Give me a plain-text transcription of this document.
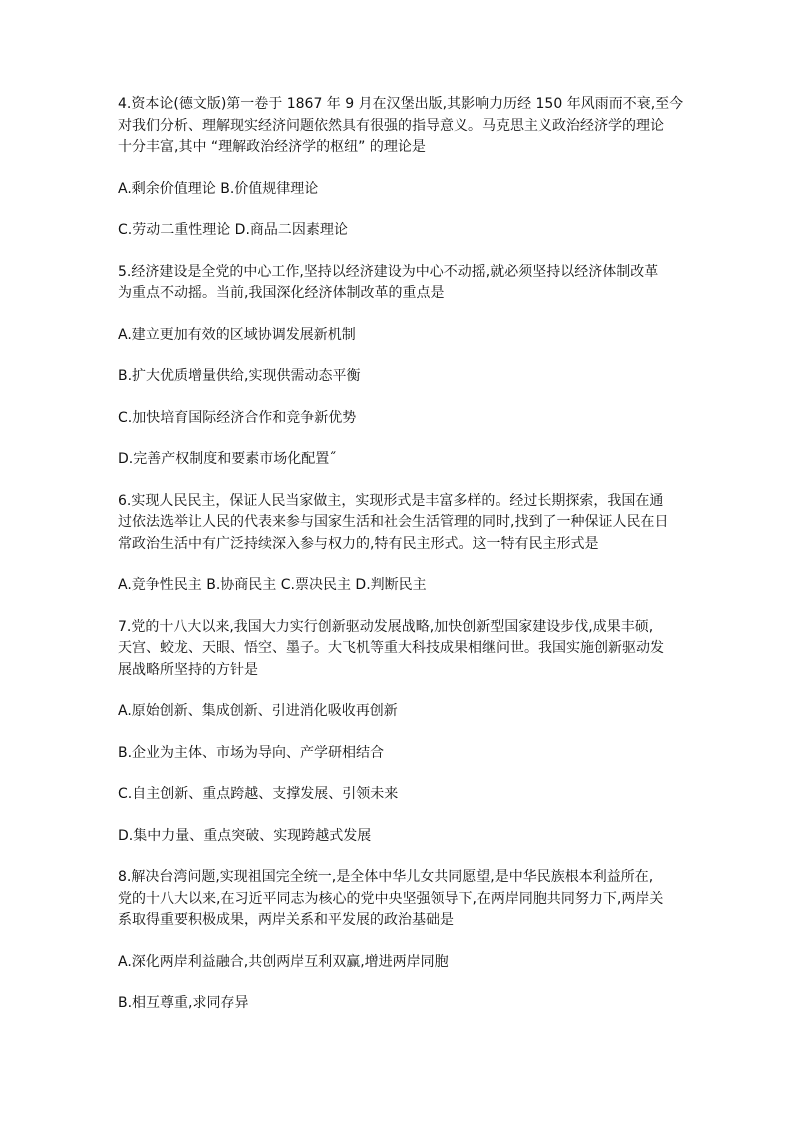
4.资本论(德文版)第一卷于 1867 年 9 月在汉堡出版,其影响力历经 150 年风雨而不衰,至今
对我们分析、理解现实经济问题依然具有很强的指导意义。马克思主义政治经济学的理论
十分丰富,其中 “理解政治经济学的枢纽” 的理论是

A.剩余价值理论 B.价值规律理论

C.劳动二重性理论 D.商品二因素理论

5.经济建设是全党的中心工作,坚持以经济建设为中心不动摇,就必须坚持以经济体制改革
为重点不动摇。当前,我国深化经济体制改革的重点是

A.建立更加有效的区域协调发展新机制

B.扩大优质增量供给,实现供需动态平衡

C.加快培育国际经济合作和竞争新优势

D.完善产权制度和要素市场化配置˝

6.实现人民民主，保证人民当家做主，实现形式是丰富多样的。经过长期探索，我国在通
过依法选举让人民的代表来参与国家生活和社会生活管理的同时,找到了一种保证人民在日
常政治生活中有广泛持续深入参与权力的,特有民主形式。这一特有民主形式是

A.竞争性民主 B.协商民主 C.票决民主 D.判断民主

7.党的十八大以来,我国大力实行创新驱动发展战略,加快创新型国家建设步伐,成果丰硕,
天宫、蛟龙、天眼、悟空、墨子。大飞机等重大科技成果相继问世。我国实施创新驱动发
展战略所坚持的方针是

A.原始创新、集成创新、引进消化吸收再创新

B.企业为主体、市场为导向、产学研相结合

C.自主创新、重点跨越、支撑发展、引领未来

D.集中力量、重点突破、实现跨越式发展

8.解决台湾问题,实现祖国完全统一,是全体中华儿女共同愿望,是中华民族根本利益所在,
党的十八大以来,在习近平同志为核心的党中央坚强领导下,在两岸同胞共同努力下,两岸关
系取得重要积极成果，两岸关系和平发展的政治基础是

A.深化两岸利益融合,共创两岸互利双赢,增进两岸同胞

B.相互尊重,求同存异
